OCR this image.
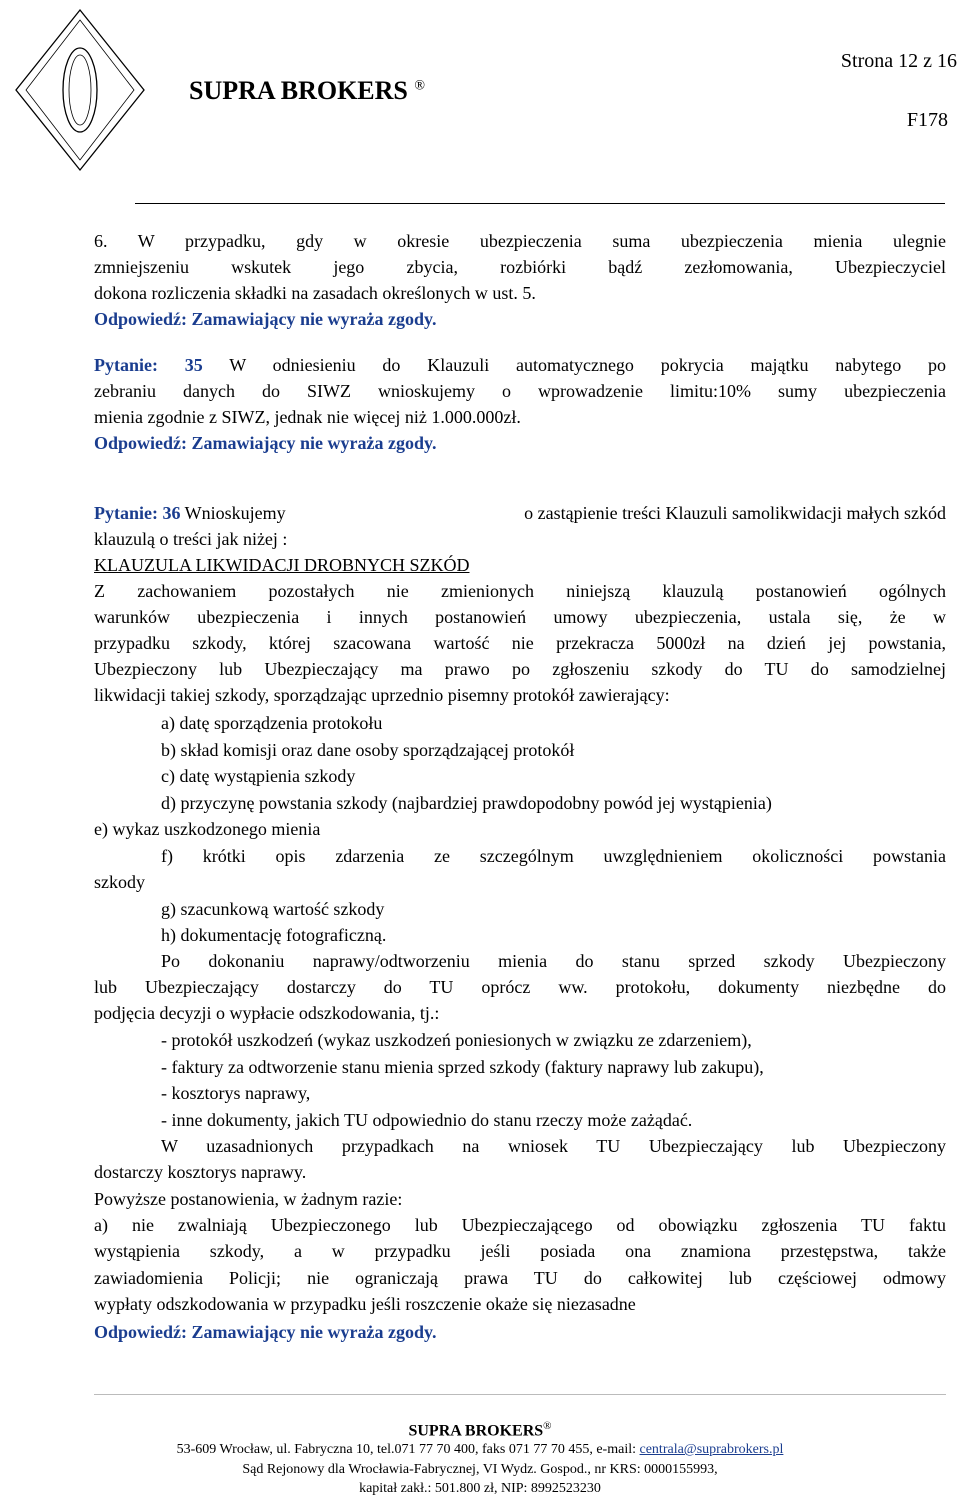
Strona 12 z 16
SUPRA BROKERS ®
F178
6. W przypadku, gdy w okresie ubezpieczenia suma ubezpieczenia mienia ulegnie
zmniejszeniu wskutek jego zbycia, rozbiórki bądź zezłomowania, Ubezpieczyciel
dokona rozliczenia składki na zasadach określonych w ust. 5.
Odpowiedź: Zamawiający nie wyraża zgody.
Pytanie: 35 W odniesieniu do Klauzuli automatycznego pokrycia majątku nabytego po
zebraniu danych do SIWZ wnioskujemy o wprowadzenie limitu:10% sumy ubezpieczenia
mienia zgodnie z SIWZ, jednak nie więcej niż 1.000.000zł.
Odpowiedź: Zamawiający nie wyraża zgody.
Pytanie: 36 Wnioskujemy	o zastąpienie treści Klauzuli samolikwidacji małych szkód
klauzulą o treści jak niżej :
KLAUZULA LIKWIDACJI DROBNYCH SZKÓD
Z zachowaniem pozostałych nie zmienionych niniejszą klauzulą postanowień ogólnych
warunków ubezpieczenia i innych postanowień umowy ubezpieczenia, ustala się, że w
przypadku szkody, której szacowana wartość nie przekracza 5000zł na dzień jej powstania,
Ubezpieczony lub Ubezpieczający ma prawo po zgłoszeniu szkody do TU do samodzielnej
likwidacji takiej szkody, sporządzając uprzednio pisemny protokół zawierający:
a) datę sporządzenia protokołu
b) skład komisji oraz dane osoby sporządzającej protokół
c) datę wystąpienia szkody
d) przyczynę powstania szkody (najbardziej prawdopodobny powód jej wystąpienia)
e) wykaz uszkodzonego mienia
f) krótki opis zdarzenia ze szczególnym uwzględnieniem okoliczności powstania
szkody
g) szacunkową wartość szkody
h) dokumentację fotograficzną.
Po dokonaniu naprawy/odtworzeniu mienia do stanu sprzed szkody Ubezpieczony
lub Ubezpieczający dostarczy do TU oprócz ww. protokołu, dokumenty niezbędne do
podjęcia decyzji o wypłacie odszkodowania, tj.:
- protokół uszkodzeń (wykaz uszkodzeń poniesionych w związku ze zdarzeniem),
- faktury za odtworzenie stanu mienia sprzed szkody (faktury naprawy lub zakupu),
- kosztorys naprawy,
- inne dokumenty, jakich TU odpowiednio do stanu rzeczy może zażądać.
W uzasadnionych przypadkach na wniosek TU Ubezpieczający lub Ubezpieczony
dostarczy kosztorys naprawy.
Powyższe postanowienia, w żadnym razie:
a) nie zwalniają Ubezpieczonego lub Ubezpieczającego od obowiązku zgłoszenia TU faktu
wystąpienia szkody, a w przypadku jeśli posiada ona znamiona przestępstwa, także
zawiadomienia Policji; nie ograniczają prawa TU do całkowitej lub częściowej odmowy
wypłaty odszkodowania w przypadku jeśli roszczenie okaże się niezasadne
Odpowiedź: Zamawiający nie wyraża zgody.
SUPRA BROKERS®
53-609 Wrocław, ul. Fabryczna 10, tel.071 77 70 400, faks 071 77 70 455, e-mail: centrala@suprabrokers.pl
Sąd Rejonowy dla Wrocławia-Fabrycznej, VI Wydz. Gospod., nr KRS: 0000155993,
kapitał zakł.: 501.800 zł, NIP: 8992523230
